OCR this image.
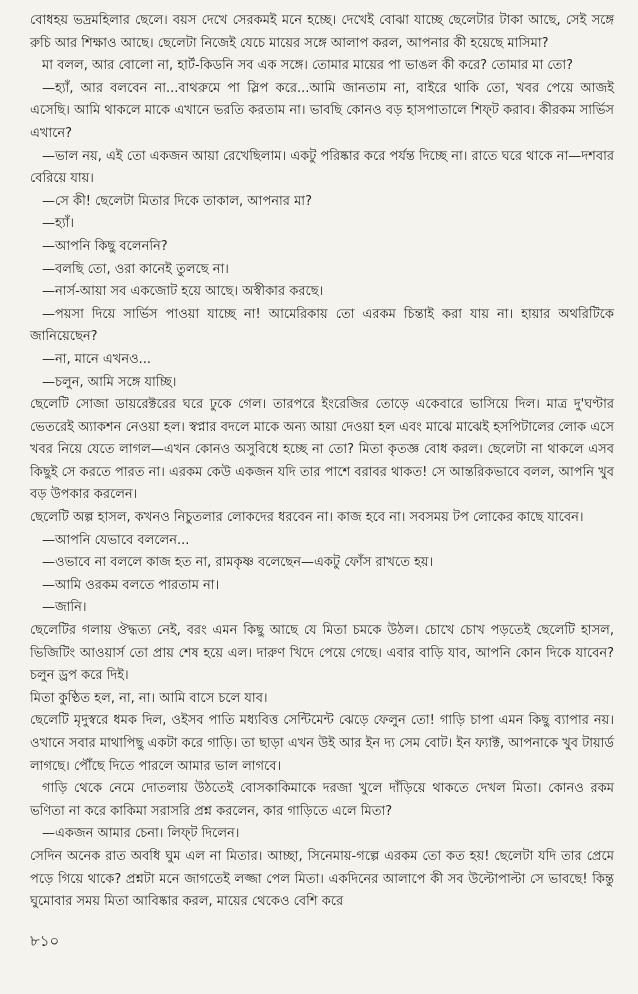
বোধহয় ভদ্রমহিলার ছেলে। বয়স দেখে সেরকমই মনে হচ্ছে। দেখেই বোঝা যাচ্ছে ছেলেটার টাকা আছে, সেই সঙ্গে রুচি আর শিক্ষাও আছে। ছেলেটা নিজেই যেচে মায়ের সঙ্গে আলাপ করল, আপনার কী হয়েছে মাসিমা?

মা বলল, আর বোলো না, হার্ট-কিডনি সব এক সঙ্গে। তোমার মায়ের পা ভাঙল কী করে? তোমার মা তো?

—হ্যাঁ, আর বলবেন না...বাথরুমে পা স্লিপ করে...আমি জানতাম না, বাইরে থাকি তো, খবর পেয়ে আজই এসেছি। আমি থাকলে মাকে এখানে ভরতি করতাম না। ভাবছি কোনও বড় হাসপাতালে শিফ্‌ট করাব। কীরকম সার্ভিস এখানে?

—ভাল নয়, এই তো একজন আয়া রেখেছিলাম। একটু পরিষ্কার করে পর্যন্ত দিচ্ছে না। রাতে ঘরে থাকে না—দশবার বেরিয়ে যায়।

—সে কী! ছেলেটা মিতার দিকে তাকাল, আপনার মা?

—হ্যাঁ।

—আপনি কিছু বলেননি?

—বলছি তো, ওরা কানেই তুলছে না।

—নার্স-আয়া সব একজোট হয়ে আছে। অস্বীকার করছে।

—পয়সা দিয়ে সার্ভিস পাওয়া যাচ্ছে না! আমেরিকায় তো এরকম চিন্তাই করা যায় না। হায়ার অথরিটিকে জানিয়েছেন?

—না, মানে এখনও...

—চলুন, আমি সঙ্গে যাচ্ছি।

ছেলেটি সোজা ডায়রেক্টরের ঘরে ঢুকে গেল। তারপরে ইংরেজির তোড়ে একেবারে ভাসিয়ে দিল। মাত্র দু'ঘণ্টার ভেতরেই অ্যাকশন নেওয়া হল। স্বপ্নার বদলে মাকে অন্য আয়া দেওয়া হল এবং মাঝে মাঝেই হসপিটালের লোক এসে খবর নিয়ে যেতে লাগল—এখন কোনও অসুবিধে হচ্ছে না তো? মিতা কৃতজ্ঞ বোধ করল। ছেলেটা না থাকলে এসব কিছুই সে করতে পারত না। এরকম কেউ একজন যদি তার পাশে বরাবর থাকত! সে আন্তরিকভাবে বলল, আপনি খুব বড় উপকার করলেন।

ছেলেটি অল্প হাসল, কখনও নিচুতলার লোকদের ধরবেন না। কাজ হবে না। সবসময় টপ লোকের কাছে যাবেন।

—আপনি যেভাবে বললেন...

—ওভাবে না বললে কাজ হত না, রামকৃষ্ণ বলেছেন—একটু ফোঁস রাখতে হয়।

—আমি ওরকম বলতে পারতাম না।

—জানি।

ছেলেটির গলায় ঔদ্ধত্য নেই, বরং এমন কিছু আছে যে মিতা চমকে উঠল। চোখে চোখ পড়তেই ছেলেটি হাসল, ভিজিটিং আওয়ার্স তো প্রায় শেষ হয়ে এল। দারুণ খিদে পেয়ে গেছে। এবার বাড়ি যাব, আপনি কোন দিকে যাবেন? চলুন ড্রপ করে দিই।

মিতা কুণ্ঠিত হল, না, না। আমি বাসে চলে যাব।

ছেলেটি মৃদুস্বরে ধমক দিল, ওইসব পাতি মধ্যবিত্ত সেন্টিমেন্ট ঝেড়ে ফেলুন তো! গাড়ি চাপা এমন কিছু ব্যাপার নয়। ওখানে সবার মাথাপিছু একটা করে গাড়ি। তা ছাড়া এখন উই আর ইন দ্য সেম বোট। ইন ফ্যাক্ট, আপনাকে খুব টায়ার্ড লাগছে। পৌঁছে দিতে পারলে আমার ভাল লাগবে।

গাড়ি থেকে নেমে দোতলায় উঠতেই বোসকাকিমাকে দরজা খুলে দাঁড়িয়ে থাকতে দেখল মিতা। কোনও রকম ভণিতা না করে কাকিমা সরাসরি প্রশ্ন করলেন, কার গাড়িতে এলে মিতা?

—একজন আমার চেনা। লিফ্‌ট দিলেন।

সেদিন অনেক রাত অবধি ঘুম এল না মিতার। আচ্ছা, সিনেমায়-গল্পে এরকম তো কত হয়! ছেলেটা যদি তার প্রেমে পড়ে গিয়ে থাকে? প্রশ্নটা মনে জাগতেই লজ্জা পেল মিতা। একদিনের আলাপে কী সব উল্টোপাল্টা সে ভাবছে! কিন্তু ঘুমোবার সময় মিতা আবিষ্কার করল, মায়ের থেকেও বেশি করে

৮১০
